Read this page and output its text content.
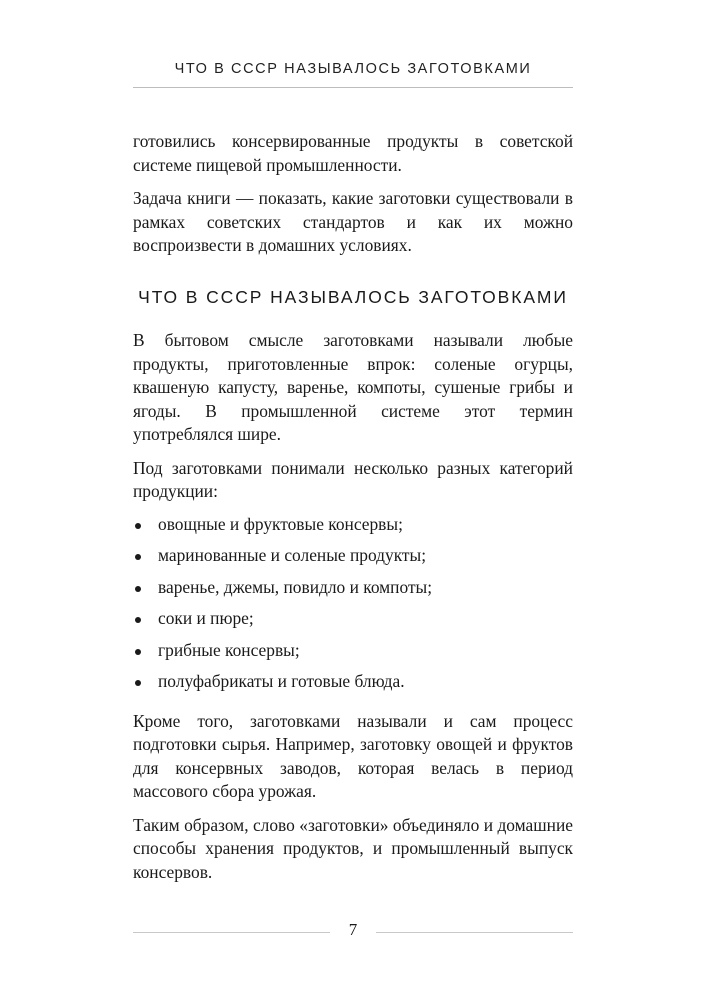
ЧТО В СССР НАЗЫВАЛОСЬ ЗАГОТОВКАМИ

готовились консервированные продукты в советской системе пищевой промышленности.

Задача книги — показать, какие заготовки существовали в рамках советских стандартов и как их можно воспроизвести в домашних условиях.

ЧТО В СССР НАЗЫВАЛОСЬ ЗАГОТОВКАМИ

В бытовом смысле заготовками называли любые продукты, приготовленные впрок: соленые огурцы, квашеную капусту, варенье, компоты, сушеные грибы и ягоды. В промышленной системе этот термин употреблялся шире.

Под заготовками понимали несколько разных категорий продукции:

овощные и фруктовые консервы;
маринованные и соленые продукты;
варенье, джемы, повидло и компоты;
соки и пюре;
грибные консервы;
полуфабрикаты и готовые блюда.

Кроме того, заготовками называли и сам процесс подготовки сырья. Например, заготовку овощей и фруктов для консервных заводов, которая велась в период массового сбора урожая.

Таким образом, слово «заготовки» объединяло и домашние способы хранения продуктов, и промышленный выпуск консервов.

7
